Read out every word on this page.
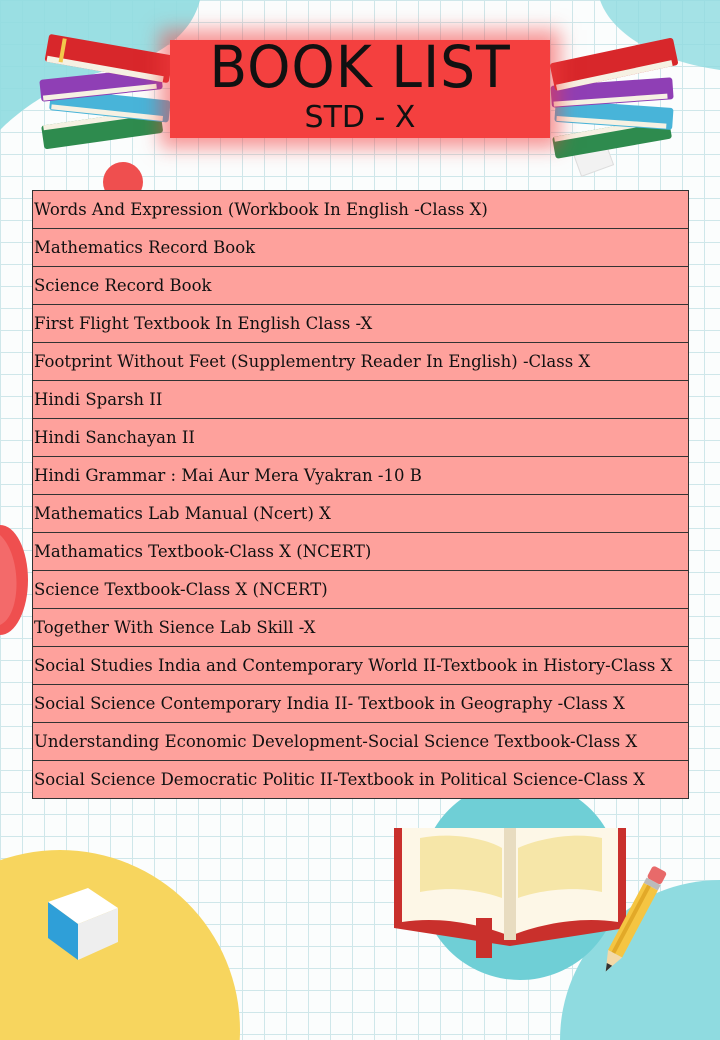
BOOK LIST
STD - X
Words And Expression (Workbook In English -Class X)
Mathematics Record Book
Science Record Book
First Flight Textbook In English Class -X
Footprint Without Feet (Supplementry Reader In English) -Class X
Hindi Sparsh II
Hindi Sanchayan II
Hindi Grammar : Mai Aur Mera Vyakran -10 B
Mathematics Lab Manual (Ncert) X
Mathamatics Textbook-Class X (NCERT)
Science Textbook-Class X (NCERT)
Together With Sience Lab Skill -X
Social Studies India and Contemporary World II-Textbook in History-Class X
Social Science Contemporary India II- Textbook in Geography -Class X
Understanding Economic Development-Social Science Textbook-Class X
Social Science Democratic Politic II-Textbook in Political Science-Class X
